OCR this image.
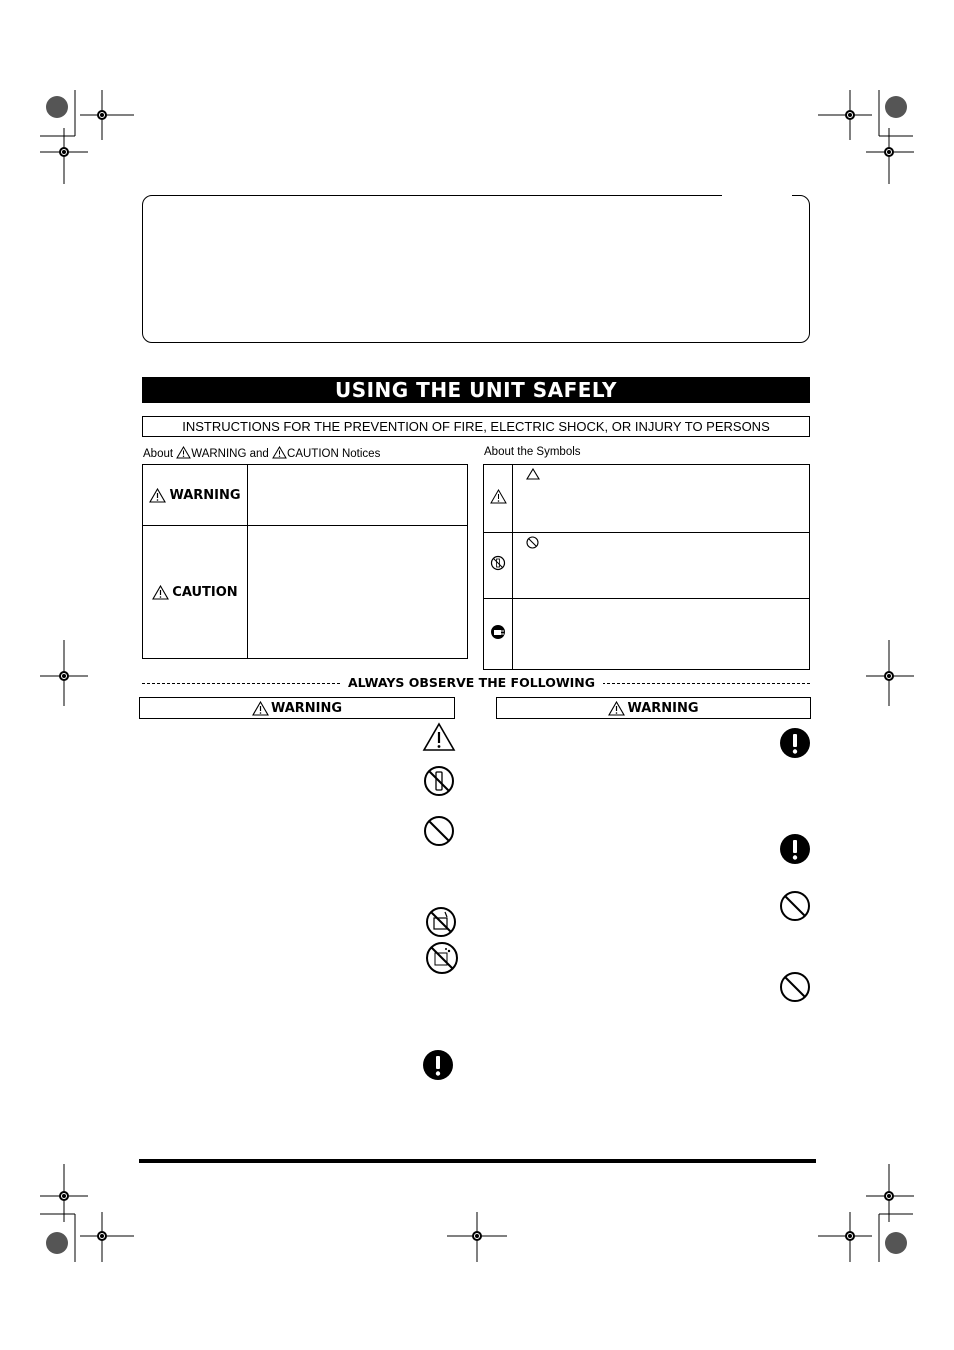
USING THE UNIT SAFELY
INSTRUCTIONS FOR THE PREVENTION OF FIRE, ELECTRIC SHOCK, OR INJURY TO PERSONS
About WARNING and CAUTION Notices	About the Symbols
WARNING	

CAUTION	

ALWAYS OBSERVE THE FOLLOWING
WARNING	WARNING
